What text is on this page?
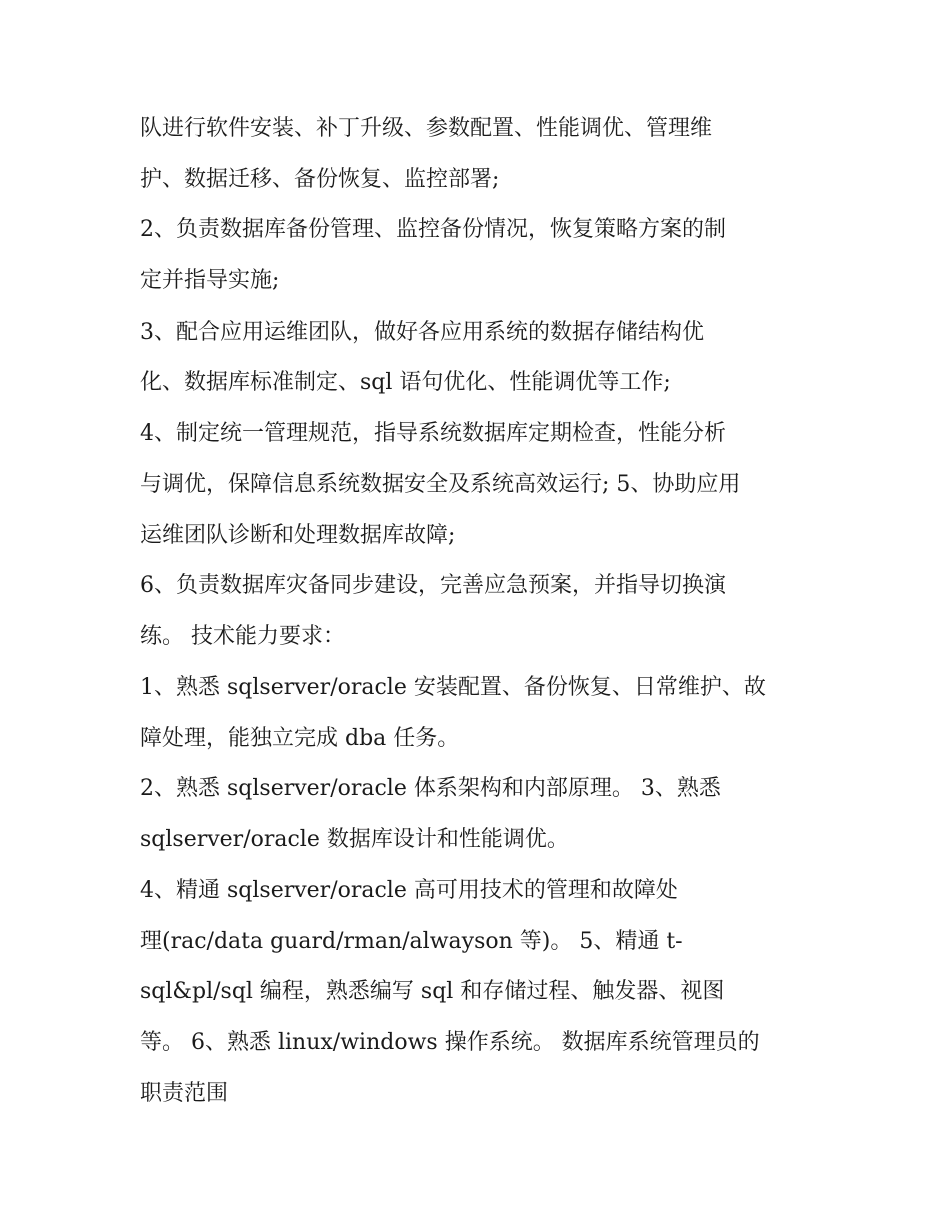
队进行软件安装、补丁升级、参数配置、性能调优、管理维
护、数据迁移、备份恢复、监控部署;
2、负责数据库备份管理、监控备份情况，恢复策略方案的制
定并指导实施;
3、配合应用运维团队，做好各应用系统的数据存储结构优
化、数据库标准制定、sql 语句优化、性能调优等工作;
4、制定统一管理规范，指导系统数据库定期检查，性能分析
与调优，保障信息系统数据安全及系统高效运行; 5、协助应用
运维团队诊断和处理数据库故障;
6、负责数据库灾备同步建设，完善应急预案，并指导切换演
练。 技术能力要求：
1、熟悉 sqlserver/oracle 安装配置、备份恢复、日常维护、故
障处理，能独立完成 dba 任务。
2、熟悉 sqlserver/oracle 体系架构和内部原理。 3、熟悉
sqlserver/oracle 数据库设计和性能调优。
4、精通 sqlserver/oracle 高可用技术的管理和故障处
理(rac/data guard/rman/alwayson 等)。 5、精通 t-
sql&pl/sql 编程，熟悉编写 sql 和存储过程、触发器、视图
等。 6、熟悉 linux/windows 操作系统。 数据库系统管理员的
职责范围
